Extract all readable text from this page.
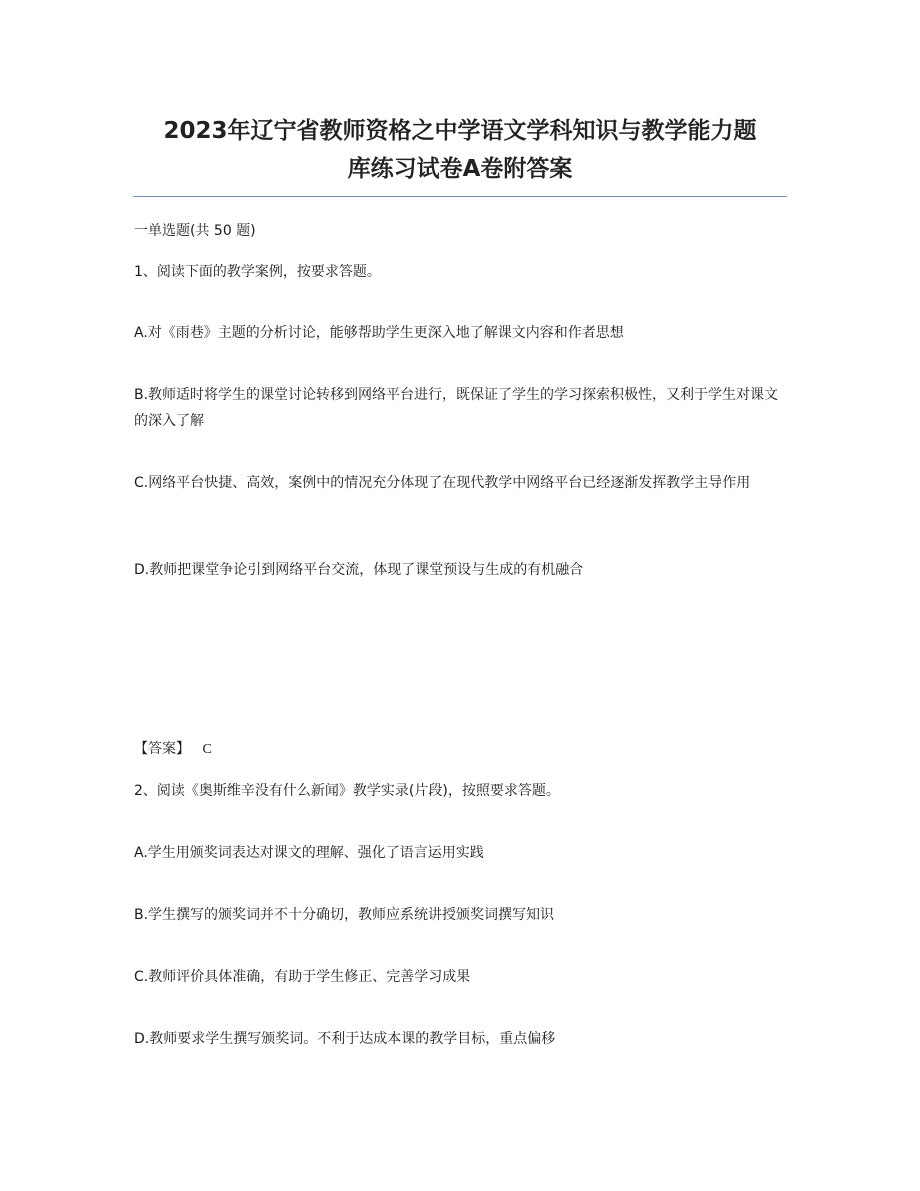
2023年辽宁省教师资格之中学语文学科知识与教学能力题
库练习试卷A卷附答案
一单选题(共 50 题)
1、阅读下面的教学案例，按要求答题。
A.对《雨巷》主题的分析讨论，能够帮助学生更深入地了解课文内容和作者思想
B.教师适时将学生的课堂讨论转移到网络平台进行，既保证了学生的学习探索积极性，又利于学生对课文的深入了解
C.网络平台快捷、高效，案例中的情况充分体现了在现代教学中网络平台已经逐渐发挥教学主导作用
D.教师把课堂争论引到网络平台交流，体现了课堂预设与生成的有机融合
【答案】 C
2、阅读《奥斯维辛没有什么新闻》教学实录(片段)，按照要求答题。
A.学生用颁奖词表达对课文的理解、强化了语言运用实践
B.学生撰写的颁奖词并不十分确切，教师应系统讲授颁奖词撰写知识
C.教师评价具体准确，有助于学生修正、完善学习成果
D.教师要求学生撰写颁奖词。不利于达成本课的教学目标，重点偏移
